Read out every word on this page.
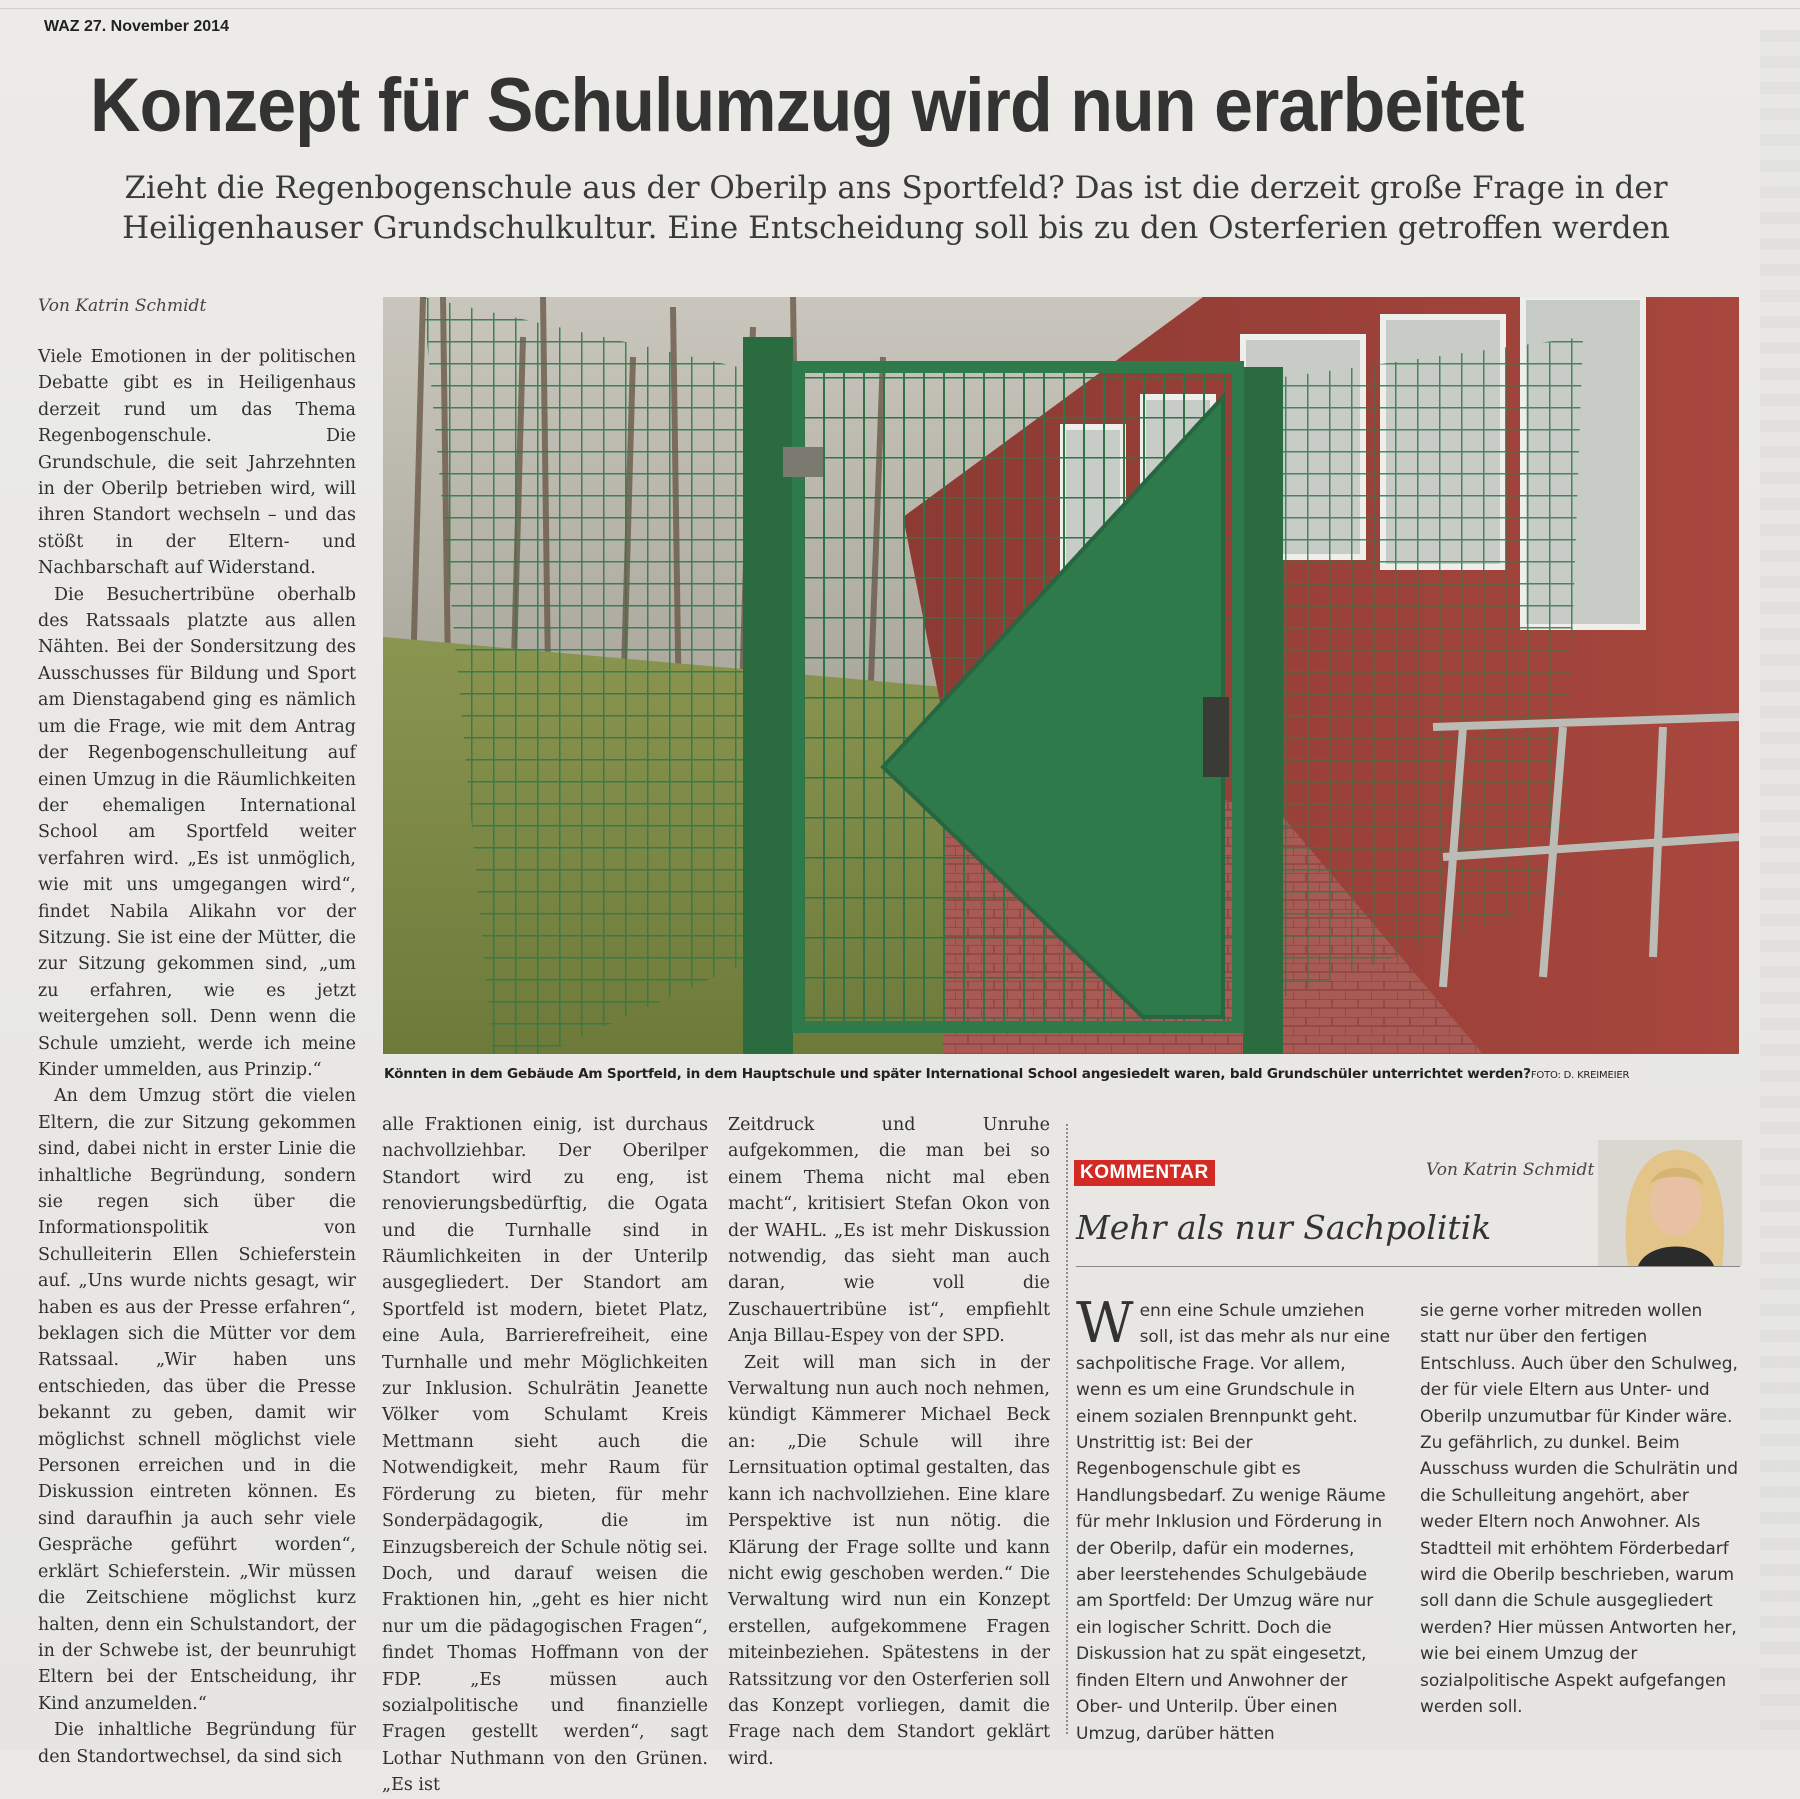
WAZ 27. November 2014
Konzept für Schulumzug wird nun erarbeitet
Zieht die Regenbogenschule aus der Oberilp ans Sportfeld? Das ist die derzeit große Frage in der Heiligenhauser Grundschulkultur. Eine Entscheidung soll bis zu den Osterferien getroffen werden
Von Katrin Schmidt

Viele Emotionen in der politischen Debatte gibt es in Heiligenhaus derzeit rund um das Thema Regenbogenschule. Die Grundschule, die seit Jahrzehnten in der Oberilp betrieben wird, will ihren Standort wechseln – und das stößt in der Eltern- und Nachbarschaft auf Widerstand.

Die Besuchertribüne oberhalb des Ratssaals platzte aus allen Nähten. Bei der Sondersitzung des Ausschusses für Bildung und Sport am Dienstagabend ging es nämlich um die Frage, wie mit dem Antrag der Regenbogenschulleitung auf einen Umzug in die Räumlichkeiten der ehemaligen International School am Sportfeld weiter verfahren wird. „Es ist unmöglich, wie mit uns umgegangen wird“, findet Nabila Alikahn vor der Sitzung. Sie ist eine der Mütter, die zur Sitzung gekommen sind, „um zu erfahren, wie es jetzt weitergehen soll. Denn wenn die Schule umzieht, werde ich meine Kinder ummelden, aus Prinzip.“

An dem Umzug stört die vielen Eltern, die zur Sitzung gekommen sind, dabei nicht in erster Linie die inhaltliche Begründung, sondern sie regen sich über die Informationspolitik von Schulleiterin Ellen Schieferstein auf. „Uns wurde nichts gesagt, wir haben es aus der Presse erfahren“, beklagen sich die Mütter vor dem Ratssaal. „Wir haben uns entschieden, das über die Presse bekannt zu geben, damit wir möglichst schnell möglichst viele Personen erreichen und in die Diskussion eintreten können. Es sind daraufhin ja auch sehr viele Gespräche geführt worden“, erklärt Schieferstein. „Wir müssen die Zeitschiene möglichst kurz halten, denn ein Schulstandort, der in der Schwebe ist, der beunruhigt Eltern bei der Entscheidung, ihr Kind anzumelden.“

Die inhaltliche Begründung für den Standortwechsel, da sind sich

Könnten in dem Gebäude Am Sportfeld, in dem Hauptschule und später International School angesiedelt waren, bald Grundschüler unterrichtet werden?FOTO: D. KREIMEIER

alle Fraktionen einig, ist durchaus nachvollziehbar. Der Oberilper Standort wird zu eng, ist renovierungsbedürftig, die Ogata und die Turnhalle sind in Räumlichkeiten in der Unterilp ausgegliedert. Der Standort am Sportfeld ist modern, bietet Platz, eine Aula, Barrierefreiheit, eine Turnhalle und mehr Möglichkeiten zur Inklusion. Schulrätin Jeanette Völker vom Schulamt Kreis Mettmann sieht auch die Notwendigkeit, mehr Raum für Förderung zu bieten, für mehr Sonderpädagogik, die im Einzugsbereich der Schule nötig sei. Doch, und darauf weisen die Fraktionen hin, „geht es hier nicht nur um die pädagogischen Fragen“, findet Thomas Hoffmann von der FDP. „Es müssen auch sozialpolitische und finanzielle Fragen gestellt werden“, sagt Lothar Nuthmann von den Grünen. „Es ist

Zeitdruck und Unruhe aufgekommen, die man bei so einem Thema nicht mal eben macht“, kritisiert Stefan Okon von der WAHL. „Es ist mehr Diskussion notwendig, das sieht man auch daran, wie voll die Zuschauertribüne ist“, empfiehlt Anja Billau-Espey von der SPD.

Zeit will man sich in der Verwaltung nun auch noch nehmen, kündigt Kämmerer Michael Beck an: „Die Schule will ihre Lernsituation optimal gestalten, das kann ich nachvollziehen. Eine klare Perspektive ist nun nötig. die Klärung der Frage sollte und kann nicht ewig geschoben werden.“ Die Verwaltung wird nun ein Konzept erstellen, aufgekommene Fragen miteinbeziehen. Spätestens in der Ratssitzung vor den Osterferien soll das Konzept vorliegen, damit die Frage nach dem Standort geklärt wird.

KOMMENTAR	Von Katrin Schmidt
Mehr als nur Sachpolitik

Wenn eine Schule umziehen soll, ist das mehr als nur eine sachpolitische Frage. Vor allem, wenn es um eine Grundschule in einem sozialen Brennpunkt geht. Unstrittig ist: Bei der Regenbogenschule gibt es Handlungsbedarf. Zu wenige Räume für mehr Inklusion und Förderung in der Oberilp, dafür ein modernes, aber leerstehendes Schulgebäude am Sportfeld: Der Umzug wäre nur ein logischer Schritt. Doch die Diskussion hat zu spät eingesetzt, finden Eltern und Anwohner der Ober- und Unterilp. Über einen Umzug, darüber hätten

sie gerne vorher mitreden wollen statt nur über den fertigen Entschluss. Auch über den Schulweg, der für viele Eltern aus Unter- und Oberilp unzumutbar für Kinder wäre. Zu gefährlich, zu dunkel. Beim Ausschuss wurden die Schulrätin und die Schulleitung angehört, aber weder Eltern noch Anwohner. Als Stadtteil mit erhöhtem Förderbedarf wird die Oberilp beschrieben, warum soll dann die Schule ausgegliedert werden? Hier müssen Antworten her, wie bei einem Umzug der sozialpolitische Aspekt aufgefangen werden soll.
